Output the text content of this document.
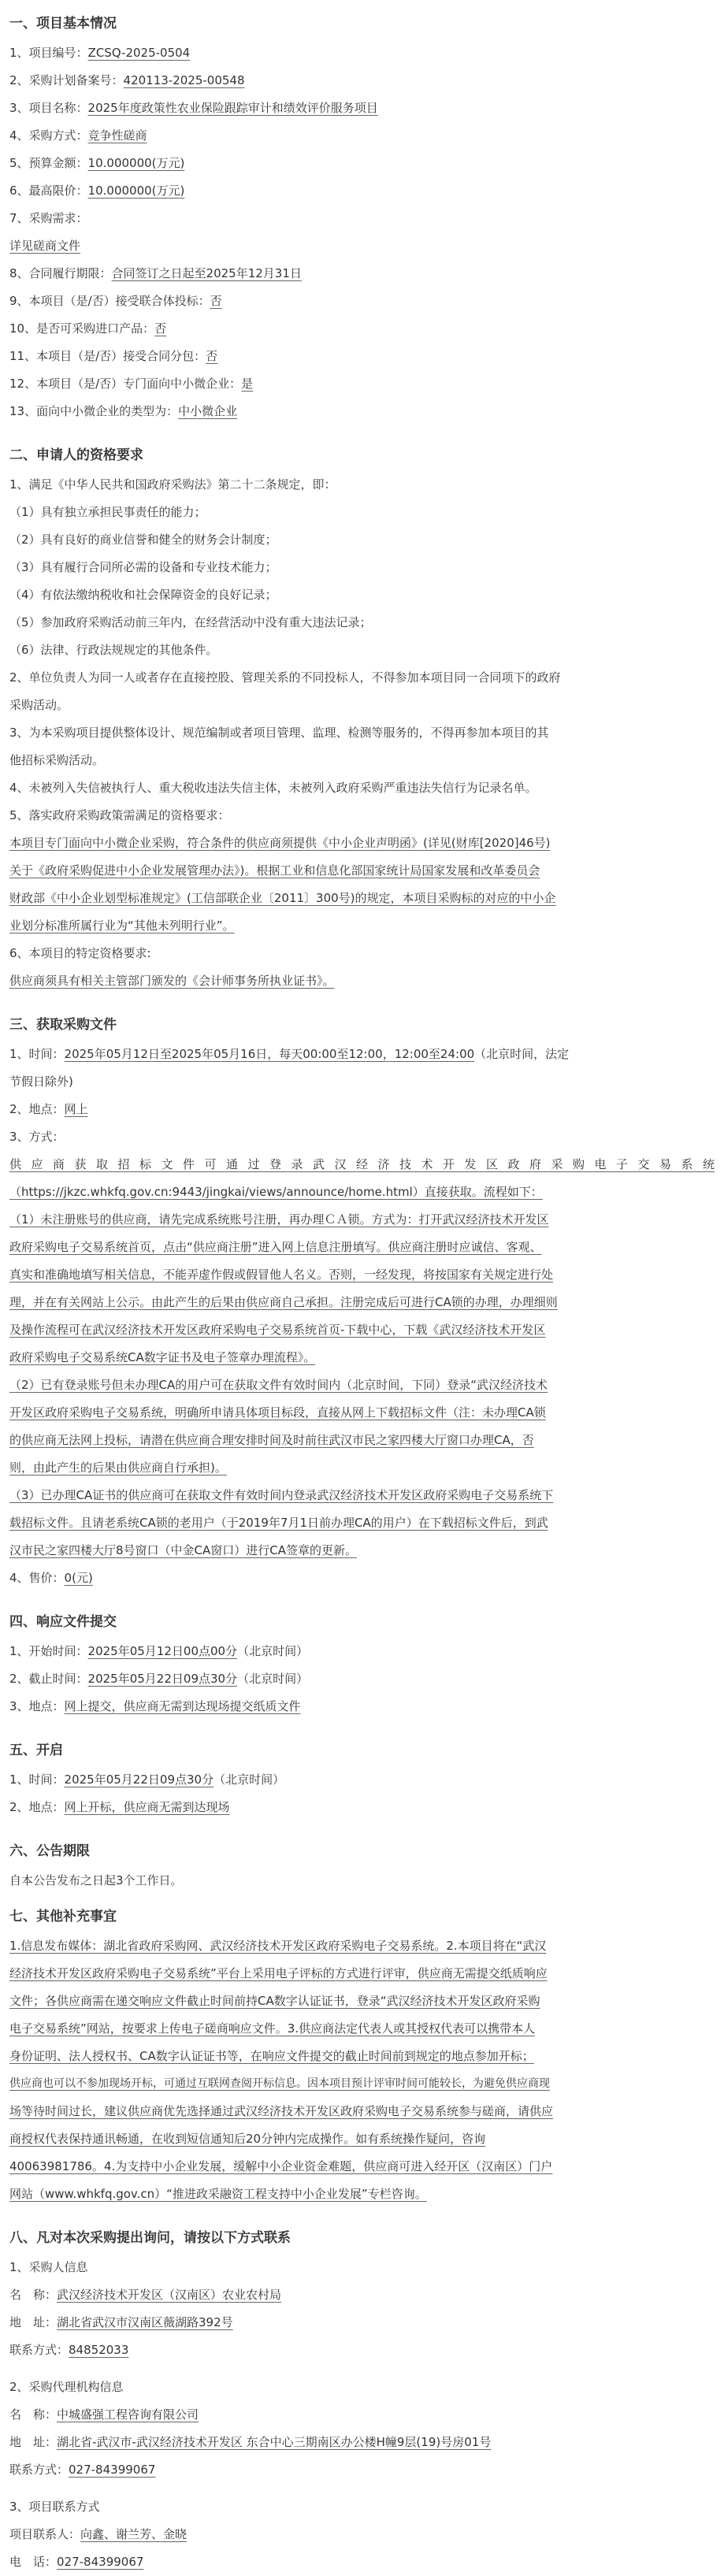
一、项目基本情况
1、项目编号：ZCSQ-2025-0504
2、采购计划备案号：420113-2025-00548
3、项目名称：2025年度政策性农业保险跟踪审计和绩效评价服务项目
4、采购方式：竞争性磋商
5、预算金额：10.000000(万元)
6、最高限价：10.000000(万元)
7、采购需求：
详见磋商文件
8、合同履行期限：合同签订之日起至2025年12月31日
9、本项目（是/否）接受联合体投标：否
10、是否可采购进口产品：否
11、本项目（是/否）接受合同分包：否
12、本项目（是/否）专门面向中小微企业：是
13、面向中小微企业的类型为：中小微企业
二、申请人的资格要求
1、满足《中华人民共和国政府采购法》第二十二条规定，即：
（1）具有独立承担民事责任的能力；
（2）具有良好的商业信誉和健全的财务会计制度；
（3）具有履行合同所必需的设备和专业技术能力；
（4）有依法缴纳税收和社会保障资金的良好记录；
（5）参加政府采购活动前三年内，在经营活动中没有重大违法记录；
（6）法律、行政法规规定的其他条件。
2、单位负责人为同一人或者存在直接控股、管理关系的不同投标人，不得参加本项目同一合同项下的政府
采购活动。
3、为本采购项目提供整体设计、规范编制或者项目管理、监理、检测等服务的，不得再参加本项目的其
他招标采购活动。
4、未被列入失信被执行人、重大税收违法失信主体，未被列入政府采购严重违法失信行为记录名单。
5、落实政府采购政策需满足的资格要求：
本项目专门面向中小微企业采购，符合条件的供应商须提供《中小企业声明函》(详见(财库[2020]46号)
关于《政府采购促进中小企业发展管理办法》)。根据工业和信息化部国家统计局国家发展和改革委员会
财政部《中小企业划型标准规定》(工信部联企业〔2011〕300号)的规定，本项目采购标的对应的中小企
业划分标准所属行业为“其他未列明行业”。
6、本项目的特定资格要求:
供应商须具有相关主管部门颁发的《会计师事务所执业证书》。
三、获取采购文件
1、时间：2025年05月12日至2025年05月16日，每天00:00至12:00，12:00至24:00（北京时间，法定
节假日除外)
2、地点：网上
3、方式：
供应商获取招标文件可通过登录武汉经济技术开发区政府采购电子交易系统
（https://jkzc.whkfq.gov.cn:9443/jingkai/views/announce/home.html）直接获取。流程如下：
（1）未注册账号的供应商，请先完成系统账号注册，再办理ＣＡ锁。方式为：打开武汉经济技术开发区
政府采购电子交易系统首页，点击“供应商注册”进入网上信息注册填写。供应商注册时应诚信、客观、
真实和准确地填写相关信息，不能弄虚作假或假冒他人名义。否则，一经发现，将按国家有关规定进行处
理，并在有关网站上公示。由此产生的后果由供应商自己承担。注册完成后可进行CA锁的办理，办理细则
及操作流程可在武汉经济技术开发区政府采购电子交易系统首页-下载中心，下载《武汉经济技术开发区
政府采购电子交易系统CA数字证书及电子签章办理流程》。
（2）已有登录账号但未办理CA的用户可在获取文件有效时间内（北京时间，下同）登录“武汉经济技术
开发区政府采购电子交易系统，明确所申请具体项目标段，直接从网上下载招标文件（注：未办理CA锁
的供应商无法网上投标，请潜在供应商合理安排时间及时前往武汉市民之家四楼大厅窗口办理CA，否
则，由此产生的后果由供应商自行承担)。
（3）已办理CA证书的供应商可在获取文件有效时间内登录武汉经济技术开发区政府采购电子交易系统下
载招标文件。且请老系统CA锁的老用户（于2019年7月1日前办理CA的用户）在下载招标文件后，到武
汉市民之家四楼大厅8号窗口（中金CA窗口）进行CA签章的更新。
4、售价：0(元)
四、响应文件提交
1、开始时间：2025年05月12日00点00分（北京时间）
2、截止时间：2025年05月22日09点30分（北京时间）
3、地点：网上提交，供应商无需到达现场提交纸质文件
五、开启
1、时间：2025年05月22日09点30分（北京时间）
2、地点：网上开标，供应商无需到达现场
六、公告期限
自本公告发布之日起3个工作日。
七、其他补充事宜
1.信息发布媒体：湖北省政府采购网、武汉经济技术开发区政府采购电子交易系统。2.本项目将在“武汉
经济技术开发区政府采购电子交易系统”平台上采用电子评标的方式进行评审，供应商无需提交纸质响应
文件；各供应商需在递交响应文件截止时间前持CA数字认证证书，登录“武汉经济技术开发区政府采购
电子交易系统”网站，按要求上传电子磋商响应文件。3.供应商法定代表人或其授权代表可以携带本人
身份证明、法人授权书、CA数字认证证书等，在响应文件提交的截止时间前到规定的地点参加开标；
供应商也可以不参加现场开标，可通过互联网查阅开标信息。因本项目预计评审时间可能较长，为避免供应商现
场等待时间过长，建议供应商优先选择通过武汉经济技术开发区政府采购电子交易系统参与磋商，请供应
商授权代表保持通讯畅通，在收到短信通知后20分钟内完成操作。如有系统操作疑问，咨询
4006398178​6。4.为支持中小企业发展，缓解中小企业资金难题，供应商可进入经开区（汉南区）门户
网站（www.whkfq.gov.cn）“推进政采融资工程支持中小企业发展”专栏咨询。
八、凡对本次采购提出询问，请按以下方式联系
1、采购人信息
名　称：武汉经济技术开发区（汉南区）农业农村局
地　址：湖北省武汉市汉南区薇湖路392号
联系方式：84852033
2、采购代理机构信息
名　称：中城盛强工程咨询有限公司
地　址：湖北省-武汉市-武汉经济技术开发区 东合中心三期南区办公楼H幢9层(19)号房01号
联系方式：027-84399067
3、项目联系方式
项目联系人：向鑫、谢兰芳、金晓
电　话：027-84399067
